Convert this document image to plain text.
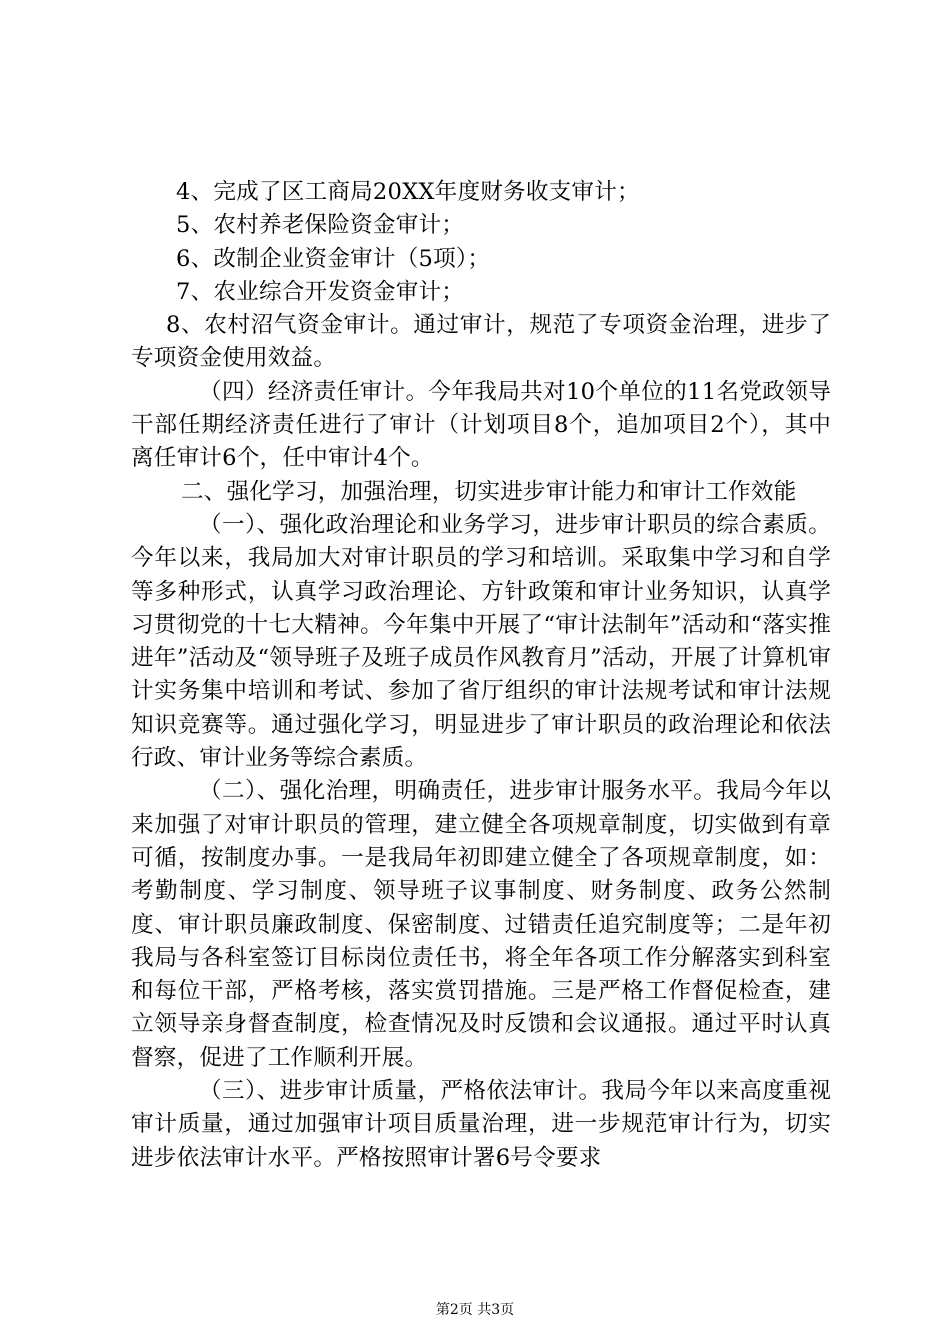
4、完成了区工商局20XX年度财务收支审计；

5、农村养老保险资金审计；

6、改制企业资金审计（5项）；

7、农业综合开发资金审计；

8、农村沼气资金审计。通过审计，规范了专项资金治理，进步了专项资金使用效益。

（四）经济责任审计。今年我局共对10个单位的11名党政领导干部任期经济责任进行了审计（计划项目8个，追加项目2个），其中离任审计6个，任中审计4个。

二、强化学习，加强治理，切实进步审计能力和审计工作效能

（一）、强化政治理论和业务学习，进步审计职员的综合素质。今年以来，我局加大对审计职员的学习和培训。采取集中学习和自学等多种形式，认真学习政治理论、方针政策和审计业务知识，认真学习贯彻党的十七大精神。今年集中开展了“审计法制年”活动和“落实推进年”活动及“领导班子及班子成员作风教育月”活动，开展了计算机审计实务集中培训和考试、参加了省厅组织的审计法规考试和审计法规知识竞赛等。通过强化学习，明显进步了审计职员的政治理论和依法行政、审计业务等综合素质。

（二）、强化治理，明确责任，进步审计服务水平。我局今年以来加强了对审计职员的管理，建立健全各项规章制度，切实做到有章可循，按制度办事。一是我局年初即建立健全了各项规章制度，如：考勤制度、学习制度、领导班子议事制度、财务制度、政务公然制度、审计职员廉政制度、保密制度、过错责任追究制度等；二是年初我局与各科室签订目标岗位责任书，将全年各项工作分解落实到科室和每位干部，严格考核，落实赏罚措施。三是严格工作督促检查，建立领导亲身督查制度，检查情况及时反馈和会议通报。通过平时认真督察，促进了工作顺利开展。

（三）、进步审计质量，严格依法审计。我局今年以来高度重视审计质量，通过加强审计项目质量治理，进一步规范审计行为，切实进步依法审计水平。严格按照审计署6号令要求

第2页 共3页
